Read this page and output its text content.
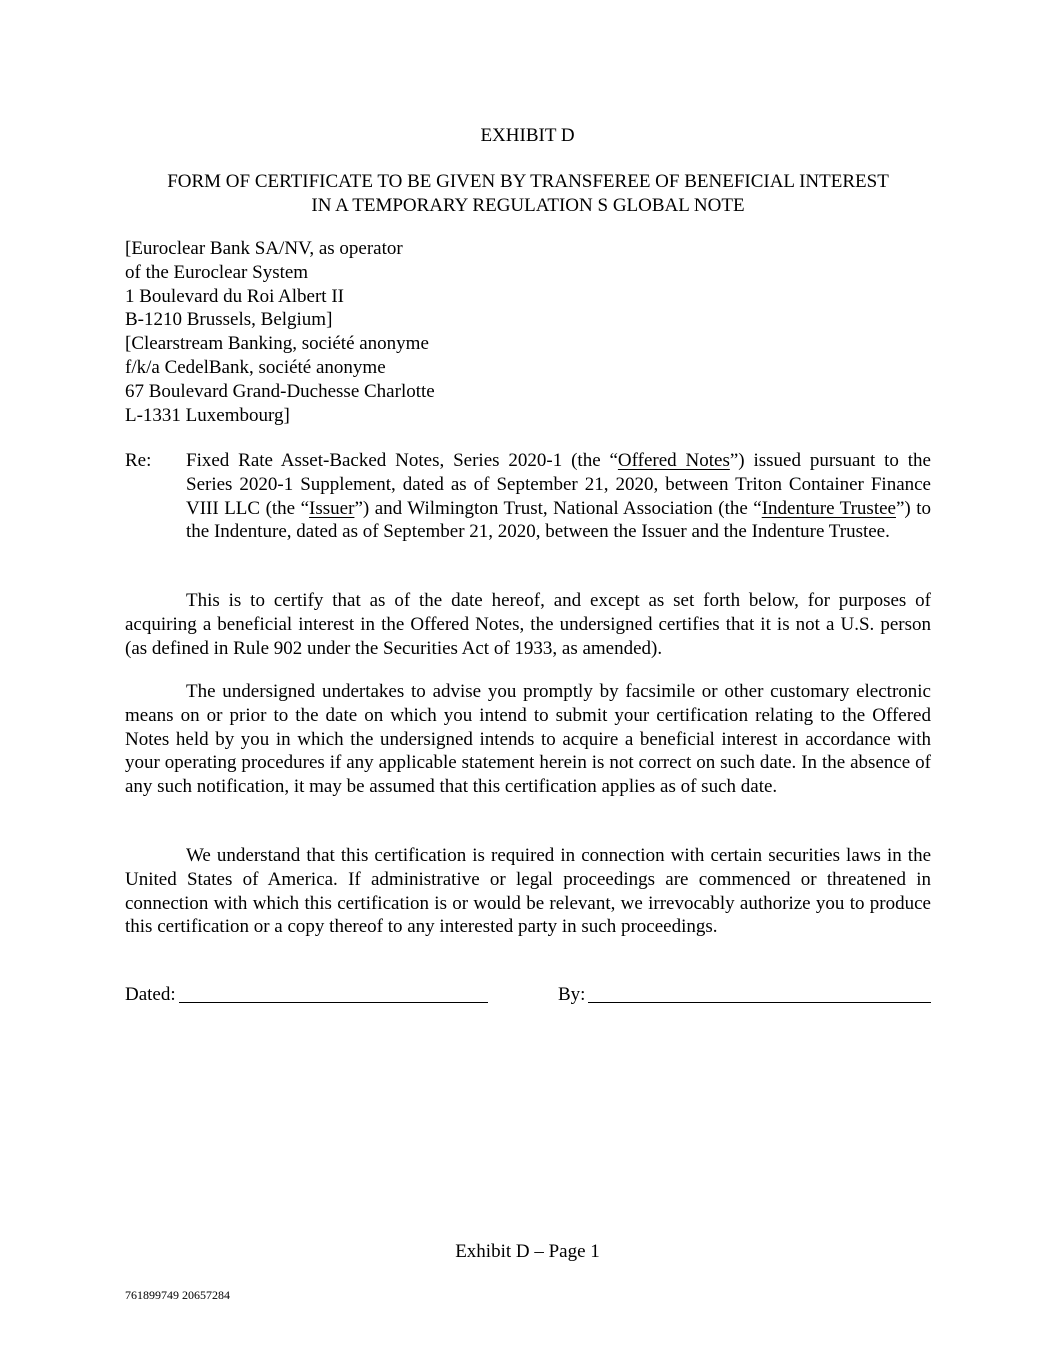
EXHIBIT D
FORM OF CERTIFICATE TO BE GIVEN BY TRANSFEREE OF BENEFICIAL INTEREST
IN A TEMPORARY REGULATION S GLOBAL NOTE
[Euroclear Bank SA/NV, as operator
of the Euroclear System
1 Boulevard du Roi Albert II
B-1210 Brussels, Belgium]
[Clearstream Banking, société anonyme
f/k/a CedelBank, société anonyme
67 Boulevard Grand-Duchesse Charlotte
L-1331 Luxembourg]
Re: Fixed Rate Asset-Backed Notes, Series 2020-1 (the “Offered Notes”) issued pursuant to the Series 2020-1 Supplement, dated as of September 21, 2020, between Triton Container Finance VIII LLC (the “Issuer”) and Wilmington Trust, National Association (the “Indenture Trustee”) to the Indenture, dated as of September 21, 2020, between the Issuer and the Indenture Trustee.

This is to certify that as of the date hereof, and except as set forth below, for purposes of acquiring a beneficial interest in the Offered Notes, the undersigned certifies that it is not a U.S. person (as defined in Rule 902 under the Securities Act of 1933, as amended).

The undersigned undertakes to advise you promptly by facsimile or other customary electronic means on or prior to the date on which you intend to submit your certification relating to the Offered Notes held by you in which the undersigned intends to acquire a beneficial interest in accordance with your operating procedures if any applicable statement herein is not correct on such date. In the absence of any such notification, it may be assumed that this certification applies as of such date.

We understand that this certification is required in connection with certain securities laws in the United States of America. If administrative or legal proceedings are commenced or threatened in connection with which this certification is or would be relevant, we irrevocably authorize you to produce this certification or a copy thereof to any interested party in such proceedings.

Dated:	By:
Exhibit D – Page 1
761899749 20657284
